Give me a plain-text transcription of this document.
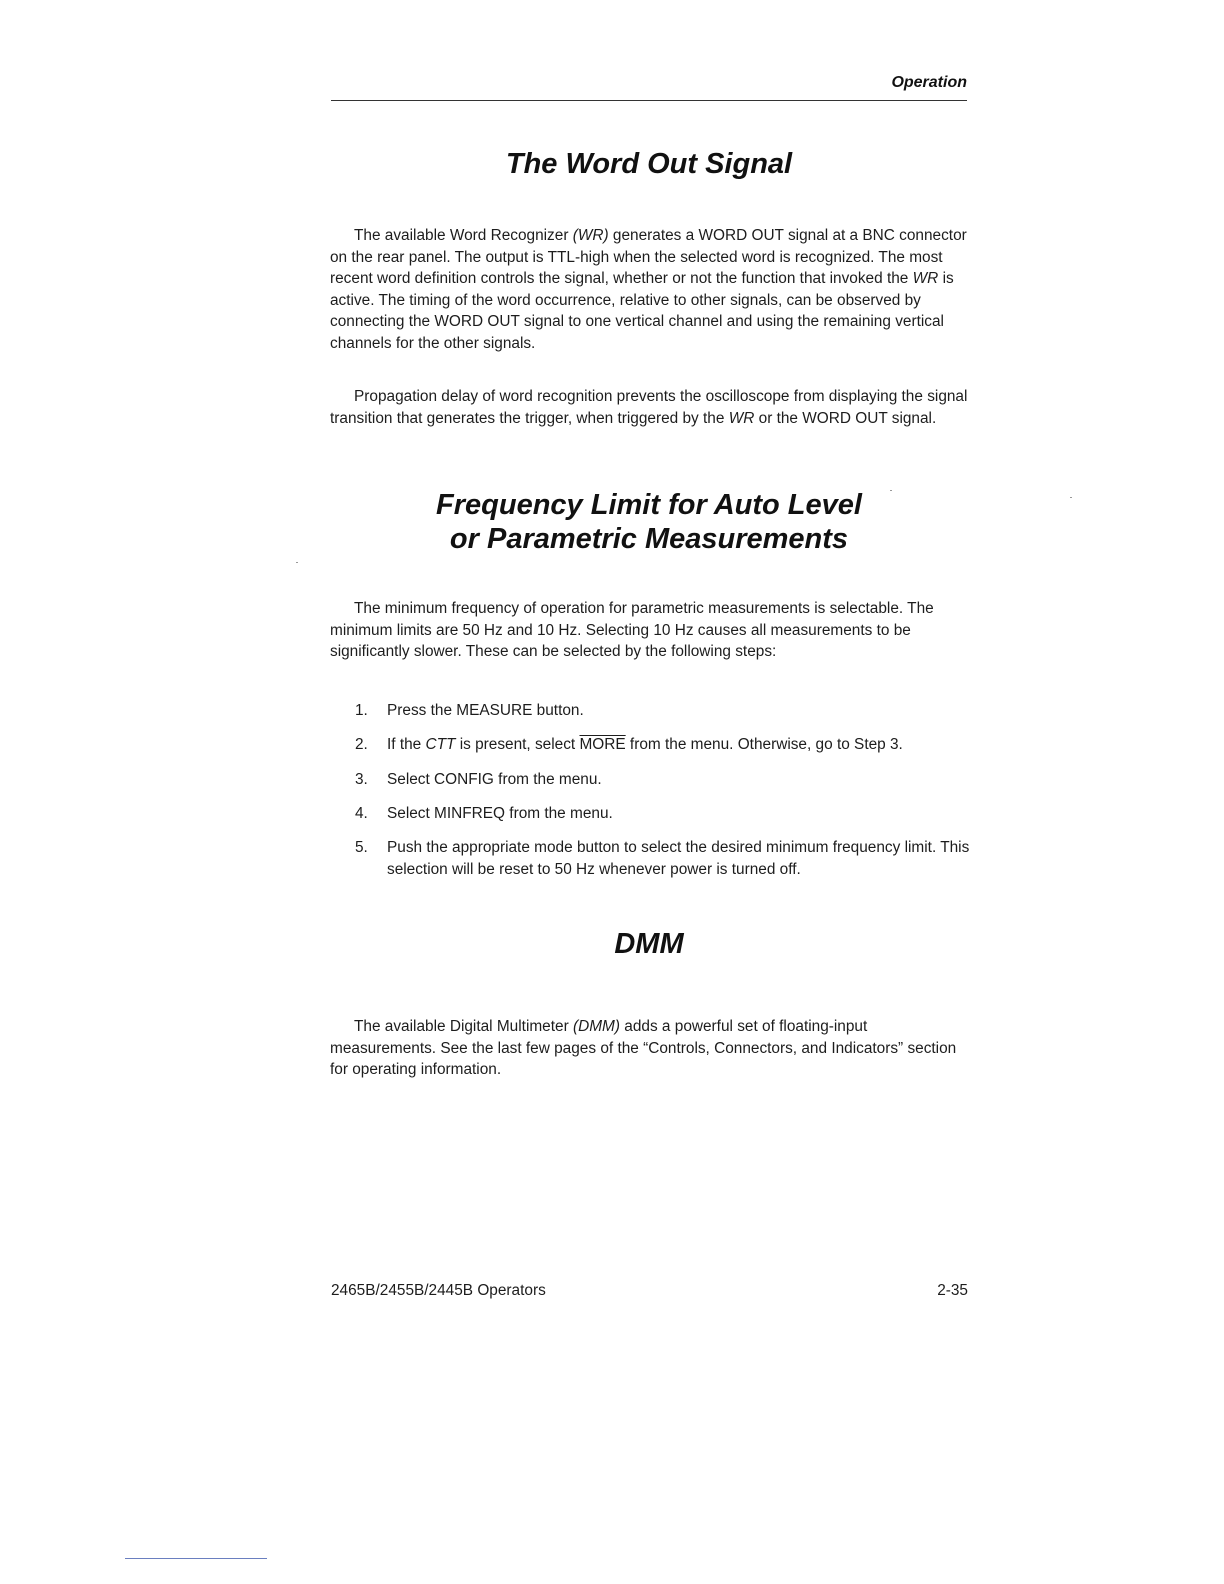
Operation
The Word Out Signal

The available Word Recognizer (WR) generates a WORD OUT signal at a BNC connector on the rear panel. The output is TTL-high when the selected word is recognized. The most recent word definition controls the signal, whether or not the function that invoked the WR is active. The timing of the word occurrence, relative to other signals, can be observed by connecting the WORD OUT signal to one vertical channel and using the remaining vertical channels for the other signals.

Propagation delay of word recognition prevents the oscilloscope from displaying the signal transition that generates the trigger, when triggered by the WR or the WORD OUT signal.

Frequency Limit for Auto Level
or Parametric Measurements

The minimum frequency of operation for parametric measurements is selectable. The minimum limits are 50 Hz and 10 Hz. Selecting 10 Hz causes all measurements to be significantly slower. These can be selected by the following steps:

1. Press the MEASURE button.
2. If the CTT is present, select MORE from the menu. Otherwise, go to Step 3.
3. Select CONFIG from the menu.
4. Select MINFREQ from the menu.
5. Push the appropriate mode button to select the desired minimum frequency limit. This selection will be reset to 50 Hz whenever power is turned off.
DMM

The available Digital Multimeter (DMM) adds a powerful set of floating-input measurements. See the last few pages of the “Controls, Connectors, and Indicators” section for operating information.

2465B/2455B/2445B Operators	2-35
